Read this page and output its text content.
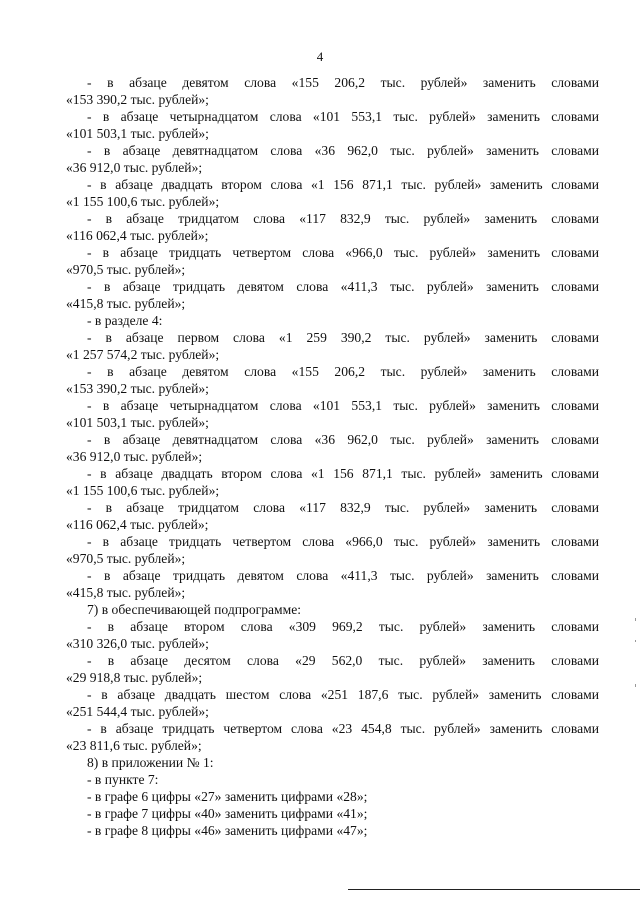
4
- в абзаце девятом слова «155 206,2 тыс. рублей» заменить словами
«153 390,2 тыс. рублей»;
- в абзаце четырнадцатом слова «101 553,1 тыс. рублей» заменить словами
«101 503,1 тыс. рублей»;
- в абзаце девятнадцатом слова «36 962,0 тыс. рублей» заменить словами
«36 912,0 тыс. рублей»;
- в абзаце двадцать втором слова «1 156 871,1 тыс. рублей» заменить словами
«1 155 100,6 тыс. рублей»;
- в абзаце тридцатом слова «117 832,9 тыс. рублей» заменить словами
«116 062,4 тыс. рублей»;
- в абзаце тридцать четвертом слова «966,0 тыс. рублей» заменить словами
«970,5 тыс. рублей»;
- в абзаце тридцать девятом слова «411,3 тыс. рублей» заменить словами
«415,8 тыс. рублей»;
- в разделе 4:
- в абзаце первом слова «1 259 390,2 тыс. рублей» заменить словами
«1 257 574,2 тыс. рублей»;
- в абзаце девятом слова «155 206,2 тыс. рублей» заменить словами
«153 390,2 тыс. рублей»;
- в абзаце четырнадцатом слова «101 553,1 тыс. рублей» заменить словами
«101 503,1 тыс. рублей»;
- в абзаце девятнадцатом слова «36 962,0 тыс. рублей» заменить словами
«36 912,0 тыс. рублей»;
- в абзаце двадцать втором слова «1 156 871,1 тыс. рублей» заменить словами
«1 155 100,6 тыс. рублей»;
- в абзаце тридцатом слова «117 832,9 тыс. рублей» заменить словами
«116 062,4 тыс. рублей»;
- в абзаце тридцать четвертом слова «966,0 тыс. рублей» заменить словами
«970,5 тыс. рублей»;
- в абзаце тридцать девятом слова «411,3 тыс. рублей» заменить словами
«415,8 тыс. рублей»;
7) в обеспечивающей подпрограмме:
- в абзаце втором слова «309 969,2 тыс. рублей» заменить словами
«310 326,0 тыс. рублей»;
- в абзаце десятом слова «29 562,0 тыс. рублей» заменить словами
«29 918,8 тыс. рублей»;
- в абзаце двадцать шестом слова «251 187,6 тыс. рублей» заменить словами
«251 544,4 тыс. рублей»;
- в абзаце тридцать четвертом слова «23 454,8 тыс. рублей» заменить словами
«23 811,6 тыс. рублей»;
8) в приложении № 1:
- в пункте 7:
- в графе 6 цифры «27» заменить цифрами «28»;
- в графе 7 цифры «40» заменить цифрами «41»;
- в графе 8 цифры «46» заменить цифрами «47»;
